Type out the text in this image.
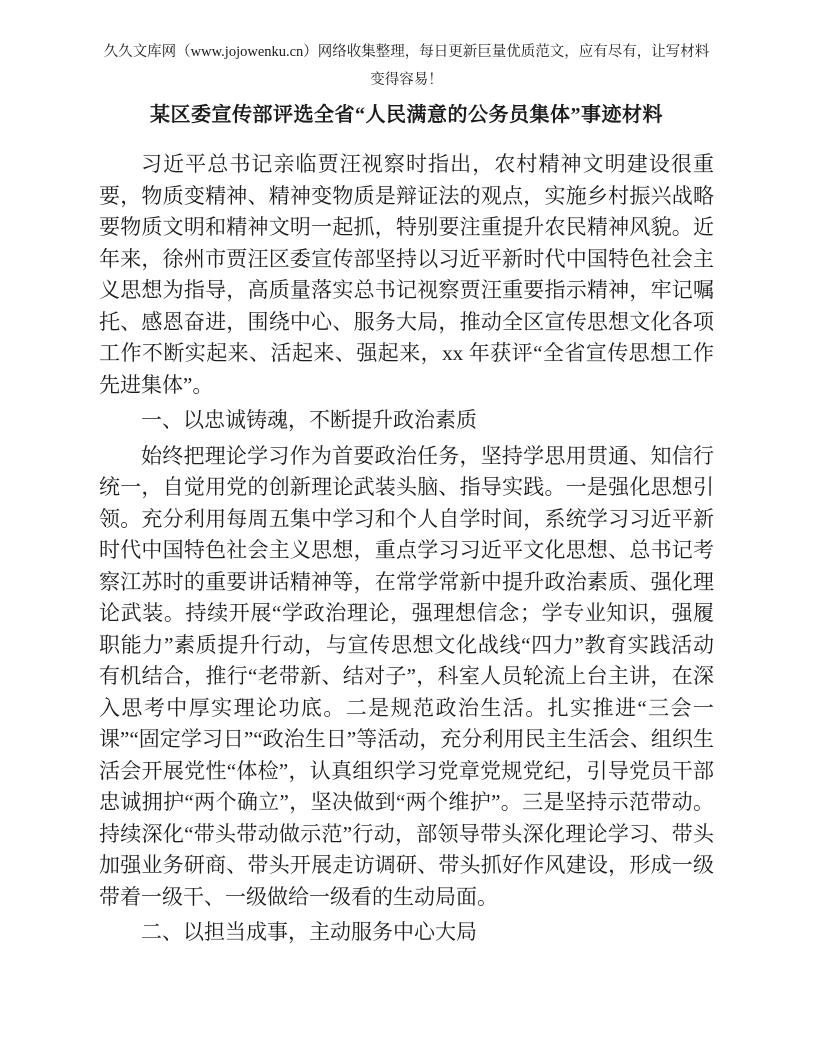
久久文库网（www.jojowenku.cn）网络收集整理，每日更新巨量优质范文，应有尽有，让写材料变得容易！
某区委宣传部评选全省“人民满意的公务员集体”事迹材料

习近平总书记亲临贾汪视察时指出，农村精神文明建设很重要，物质变精神、精神变物质是辩证法的观点，实施乡村振兴战略要物质文明和精神文明一起抓，特别要注重提升农民精神风貌。近年来，徐州市贾汪区委宣传部坚持以习近平新时代中国特色社会主义思想为指导，高质量落实总书记视察贾汪重要指示精神，牢记嘱托、感恩奋进，围绕中心、服务大局，推动全区宣传思想文化各项工作不断实起来、活起来、强起来，xx 年获评“全省宣传思想工作先进集体”。

一、以忠诚铸魂，不断提升政治素质

始终把理论学习作为首要政治任务，坚持学思用贯通、知信行统一，自觉用党的创新理论武装头脑、指导实践。一是强化思想引领。充分利用每周五集中学习和个人自学时间，系统学习习近平新时代中国特色社会主义思想，重点学习习近平文化思想、总书记考察江苏时的重要讲话精神等，在常学常新中提升政治素质、强化理论武装。持续开展“学政治理论，强理想信念；学专业知识，强履职能力”素质提升行动，与宣传思想文化战线“四力”教育实践活动有机结合，推行“老带新、结对子”，科室人员轮流上台主讲，在深入思考中厚实理论功底。二是规范政治生活。扎实推进“三会一课”“固定学习日”“政治生日”等活动，充分利用民主生活会、组织生活会开展党性“体检”，认真组织学习党章党规党纪，引导党员干部忠诚拥护“两个确立”，坚决做到“两个维护”。三是坚持示范带动。持续深化“带头带动做示范”行动，部领导带头深化理论学习、带头加强业务研商、带头开展走访调研、带头抓好作风建设，形成一级带着一级干、一级做给一级看的生动局面。

二、以担当成事，主动服务中心大局
